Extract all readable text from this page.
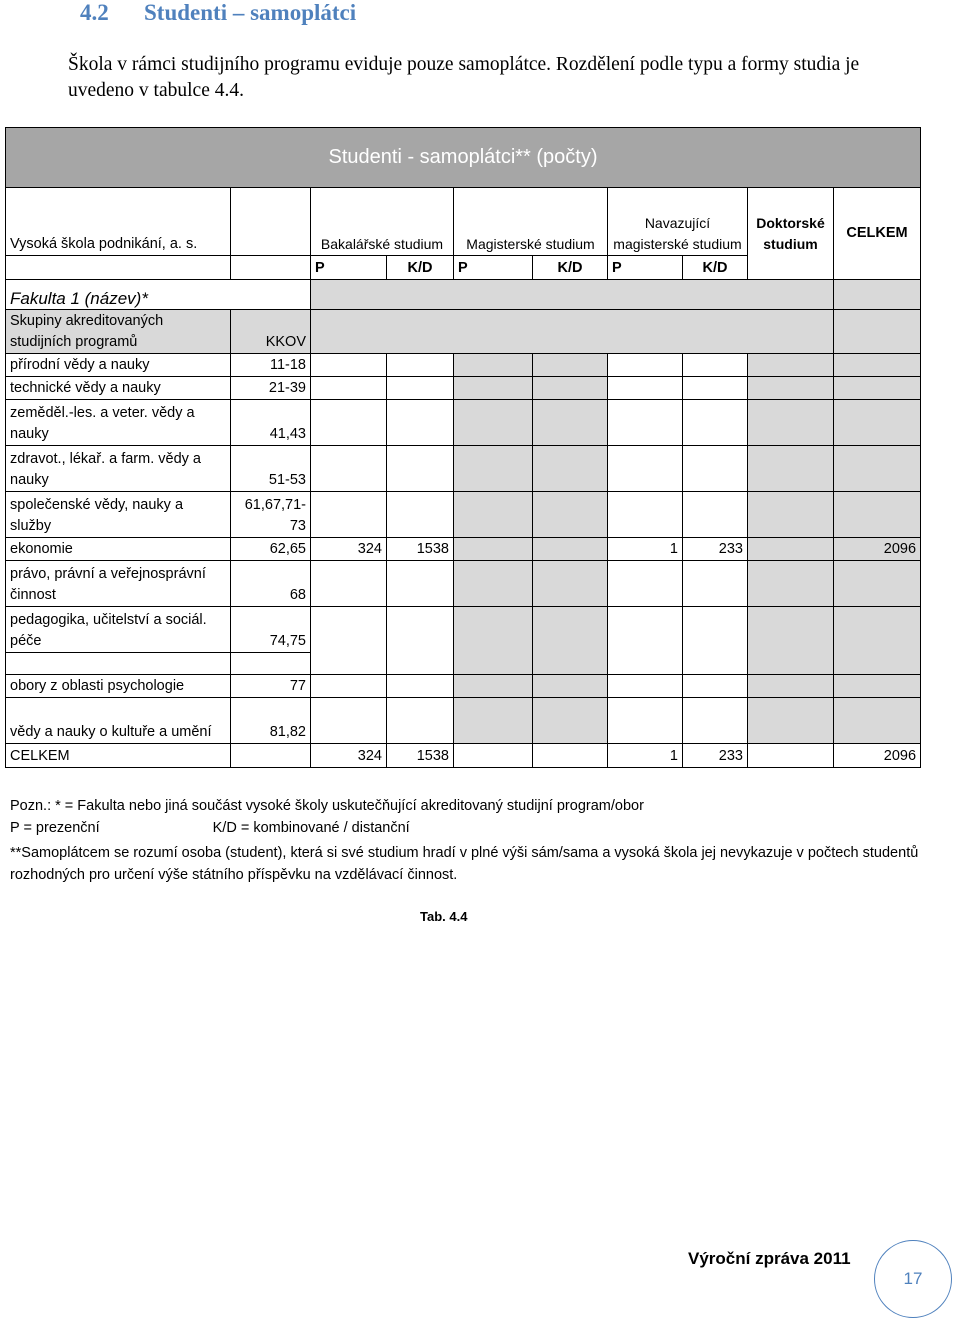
4.2 Studenti – samoplátci
Škola v rámci studijního programu eviduje pouze samoplátce. Rozdělení podle typu a formy studia je uvedeno v tabulce 4.4.
Studenti - samoplátci** (počty)									
Vysoká škola podnikání, a. s.		Bakalářské studium		Magisterské studium		Navazující magisterské studium		Doktorské studium	CELKEM
		P	K/D	P	K/D	P	K/D		
Fakulta 1 (název)*									
Skupiny akreditovaných studijních programů	KKOV								
přírodní vědy a nauky	11-18								
technické vědy a nauky	21-39								
zeměděl.-les. a veter. vědy a nauky	41,43								
zdravot., lékař. a farm. vědy a nauky	51-53								
společenské vědy, nauky a služby	61,67,71-73								
ekonomie	62,65	324	1538			1	233		2096
právo, právní a veřejnosprávní činnost	68								
pedagogika, učitelství a sociál. péče	74,75								

obory z oblasti psychologie	77								
vědy a nauky o kultuře a umění	81,82								
CELKEM		324	1538			1	233		2096

Pozn.: * = Fakulta nebo jiná součást vysoké školy uskutečňující akreditovaný studijní program/obor

P = prezenční	K/D = kombinované / distanční

**Samoplátcem se rozumí osoba (student), která si své studium hradí v plné výši sám/sama a vysoká škola jej nevykazuje v počtech studentů rozhodných pro určení výše státního příspěvku na vzdělávací činnost.

Tab. 4.4
Výroční zpráva 2011
17
